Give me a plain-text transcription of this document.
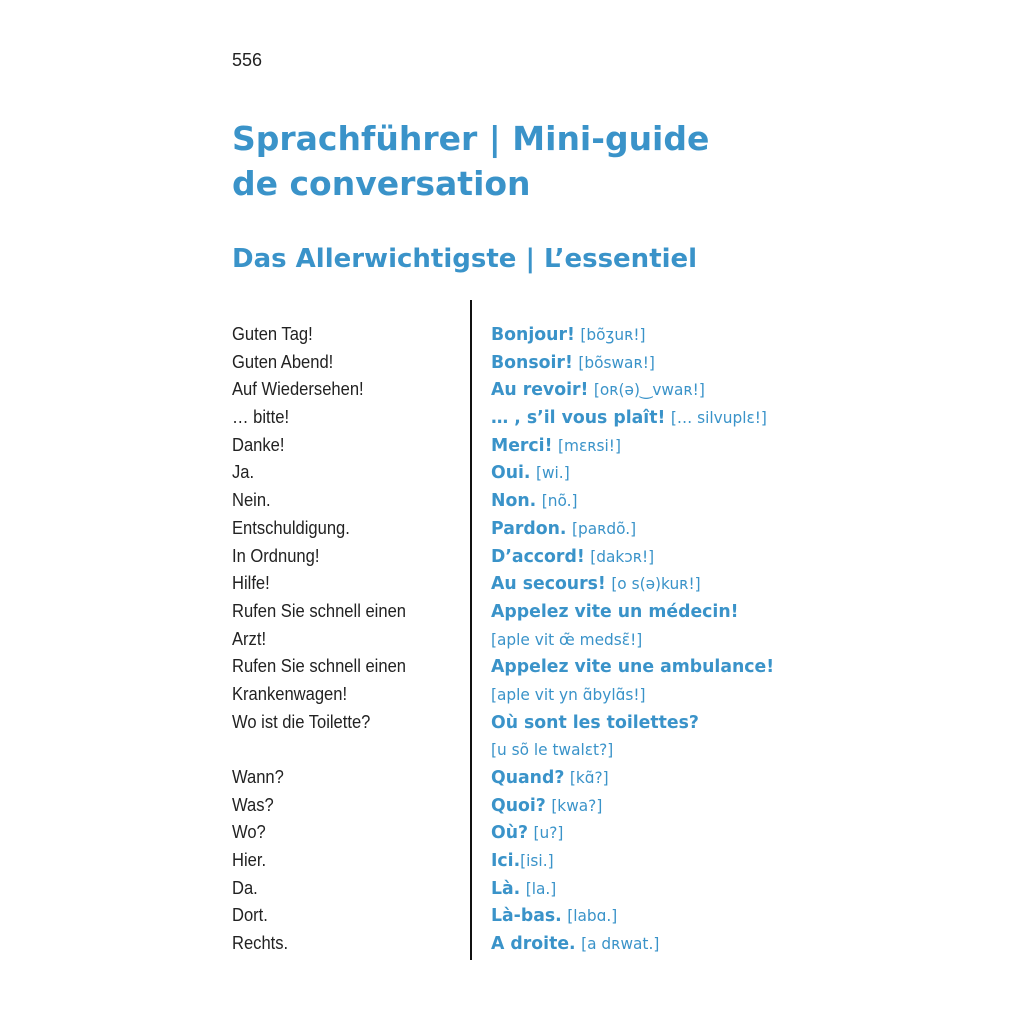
556
Sprachführer | Mini-guide
de conversation
Das Allerwichtigste | L’essentiel
Guten Tag!
Guten Abend!
Auf Wiedersehen!
… bitte!
Danke!
Ja.
Nein.
Entschuldigung.
In Ordnung!
Hilfe!
Rufen Sie schnell einen
Arzt!
Rufen Sie schnell einen
Krankenwagen!
Wo ist die Toilette?
Wann?
Was?
Wo?
Hier.
Da.
Dort.
Rechts.
Bonjour! [bõʒuʀ!]
Bonsoir! [bõswaʀ!]
Au revoir! [oʀ(ə)‿vwaʀ!]
… , s’il vous plaît! [… silvuplɛ!]
Merci! [mɛʀsi!]
Oui. [wi.]
Non. [nõ.]
Pardon. [paʀdõ.]
D’accord! [dakɔʀ!]
Au secours! [o s(ə)kuʀ!]
Appelez vite un médecin!
[aple vit œ̃ medsɛ̃!]
Appelez vite une ambulance!
[aple vit yn ɑ̃bylɑ̃s!]
Où sont les toilettes?
[u sõ le twalɛt?]
Quand? [kɑ̃?]
Quoi? [kwa?]
Où? [u?]
Ici.[isi.]
Là. [la.]
Là-bas. [labɑ.]
A droite. [a dʀwat.]
